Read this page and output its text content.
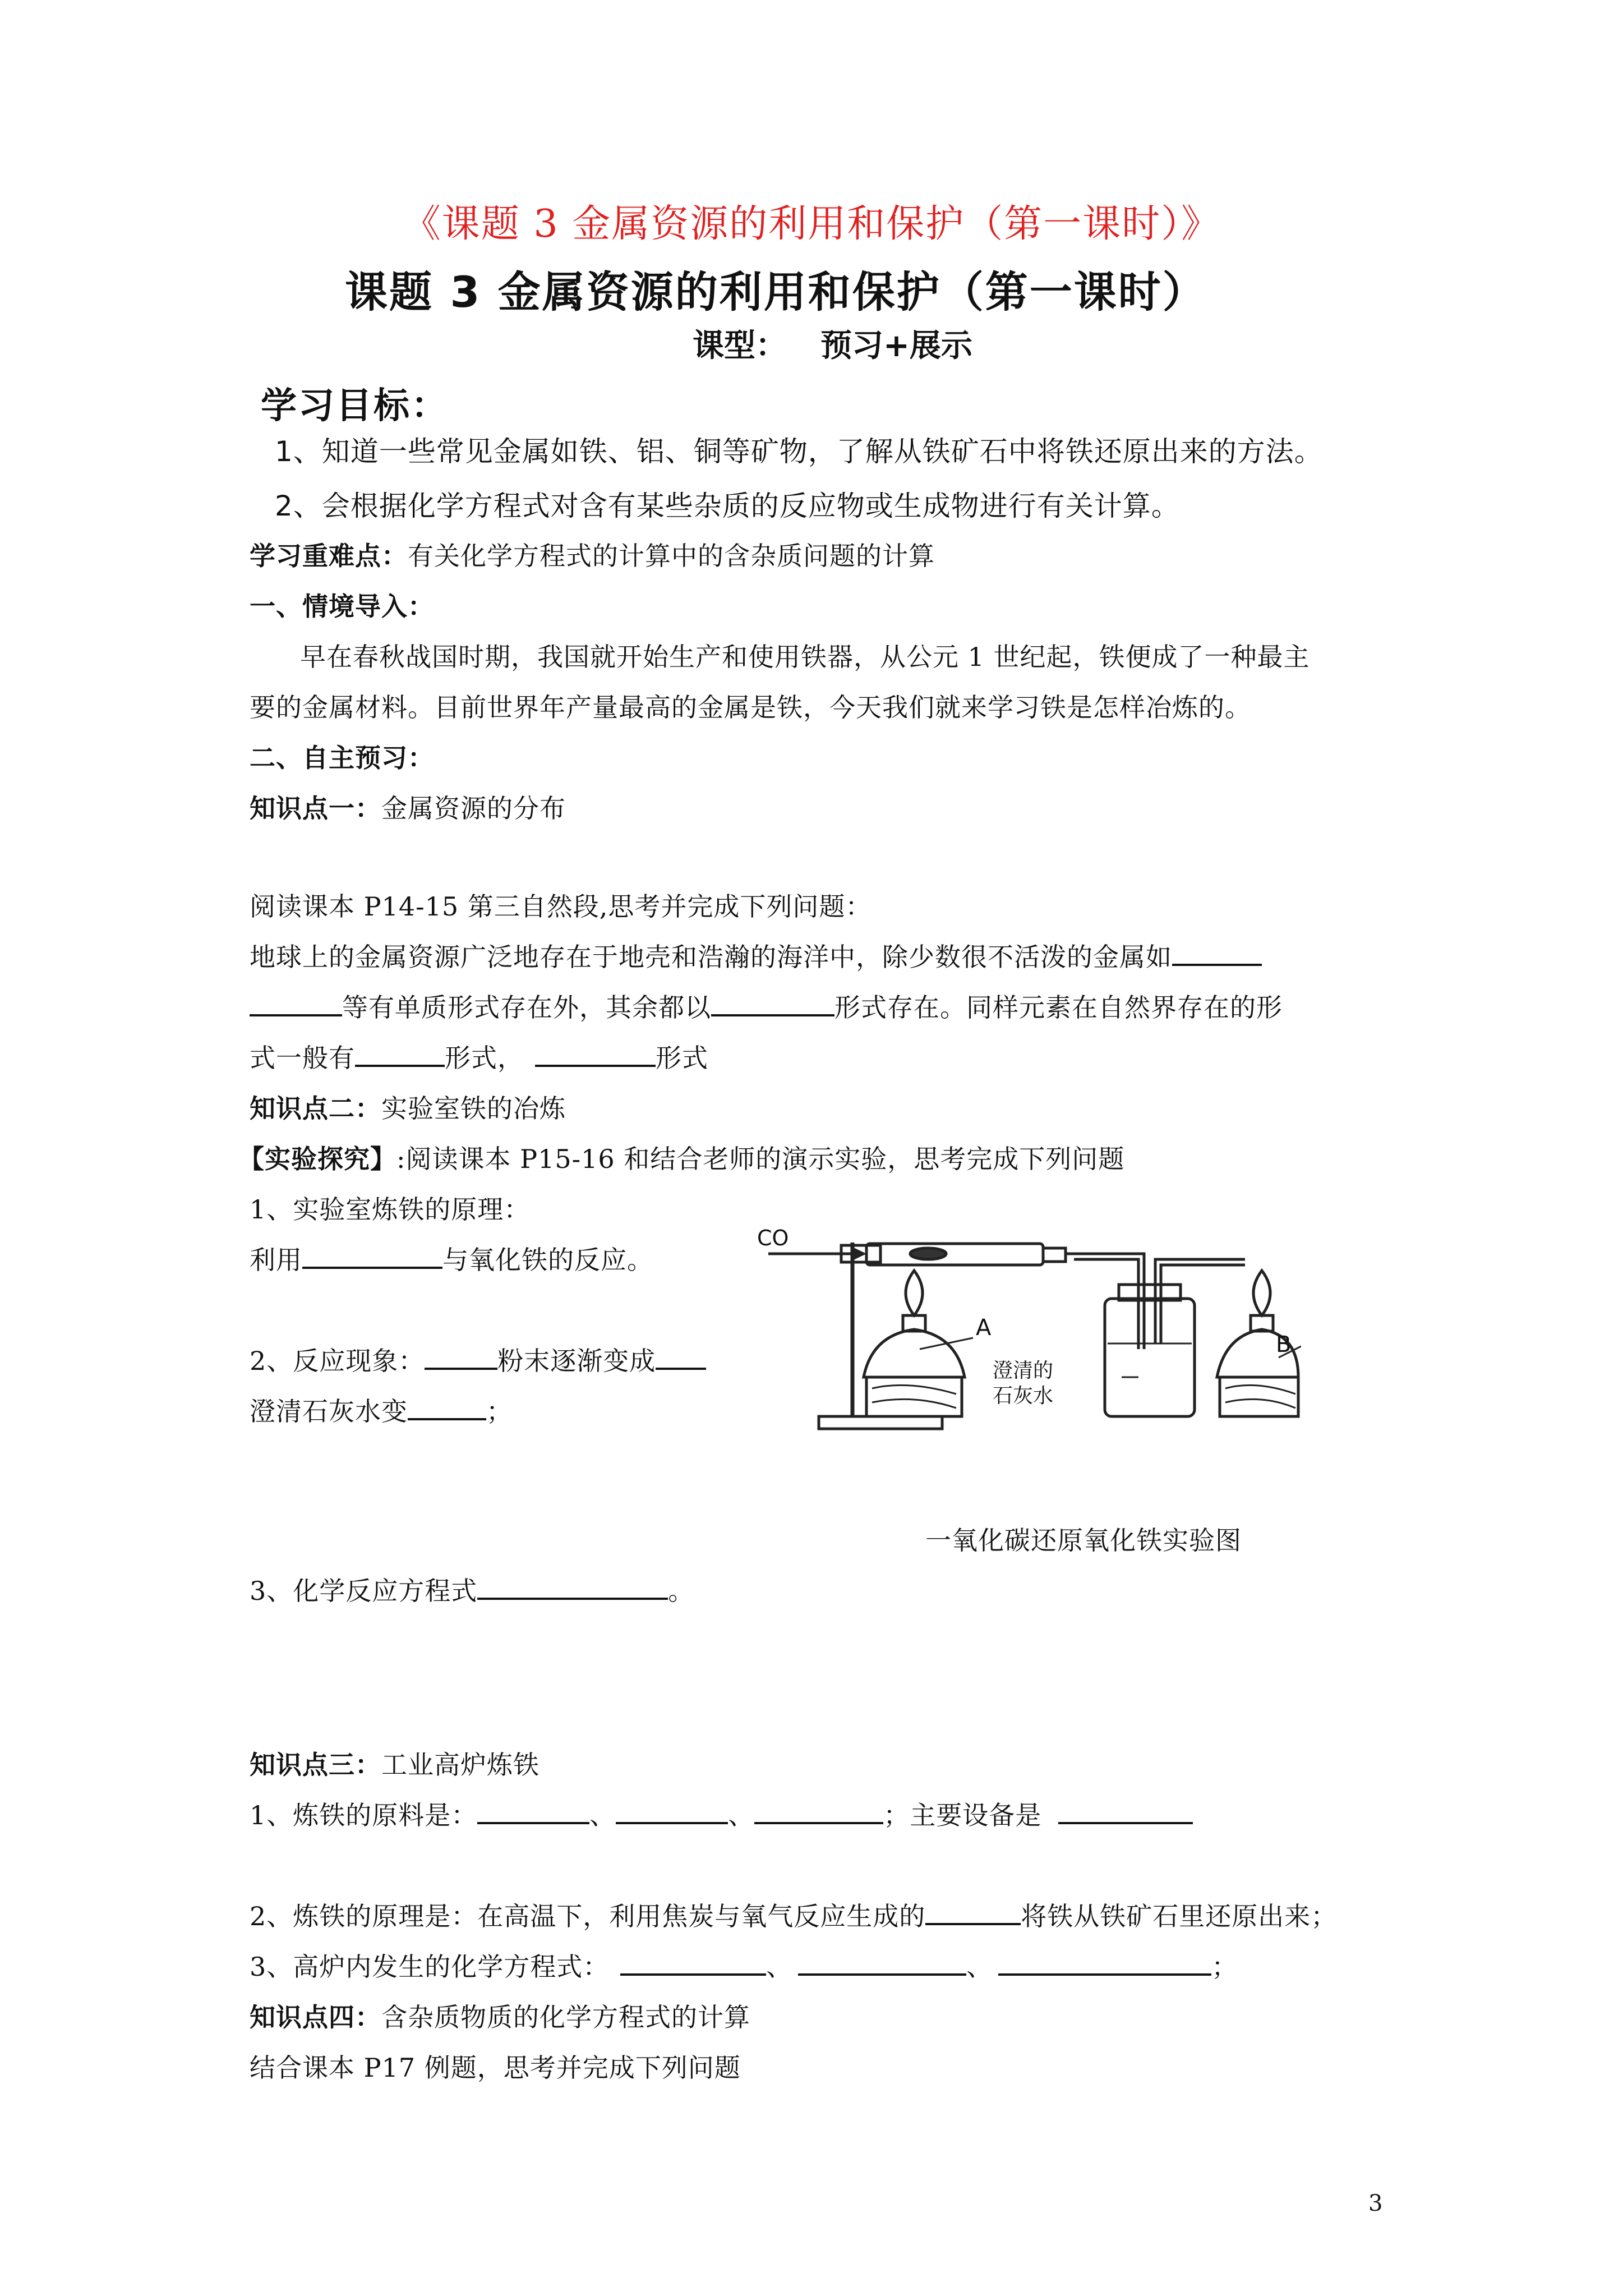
《课题 3 金属资源的利用和保护（第一课时）》
课题 3 金属资源的利用和保护（第一课时）
课型： 预习+展示
学习目标：
1、知道一些常见金属如铁、铝、铜等矿物，了解从铁矿石中将铁还原出来的方法。
2、会根据化学方程式对含有某些杂质的反应物或生成物进行有关计算。
学习重难点：有关化学方程式的计算中的含杂质问题的计算
一、情境导入：
早在春秋战国时期，我国就开始生产和使用铁器，从公元 1 世纪起，铁便成了一种最主
要的金属材料。目前世界年产量最高的金属是铁，今天我们就来学习铁是怎样冶炼的。
二、自主预习：
知识点一：金属资源的分布
阅读课本 P14-15 第三自然段,思考并完成下列问题：
地球上的金属资源广泛地存在于地壳和浩瀚的海洋中，除少数很不活泼的金属如
等有单质形式存在外，其余都以	形式存在。同样元素在自然界存在的形
式一般有	形式，	形式
知识点二：实验室铁的冶炼
【实验探究】:阅读课本 P15-16 和结合老师的演示实验，思考完成下列问题
1、实验室炼铁的原理：
利用	与氧化铁的反应。
2、反应现象：	粉末逐渐变成
澄清石灰水变	；
CO
A
B
澄清的
石灰水
一氧化碳还原氧化铁实验图
3、化学反应方程式	。
知识点三：工业高炉炼铁
1、炼铁的原料是：	、	、	；主要设备是
2、炼铁的原理是：在高温下，利用焦炭与氧气反应生成的	将铁从铁矿石里还原出来；
3、高炉内发生的化学方程式：	、	、	；
知识点四：含杂质物质的化学方程式的计算
结合课本 P17 例题，思考并完成下列问题
3
